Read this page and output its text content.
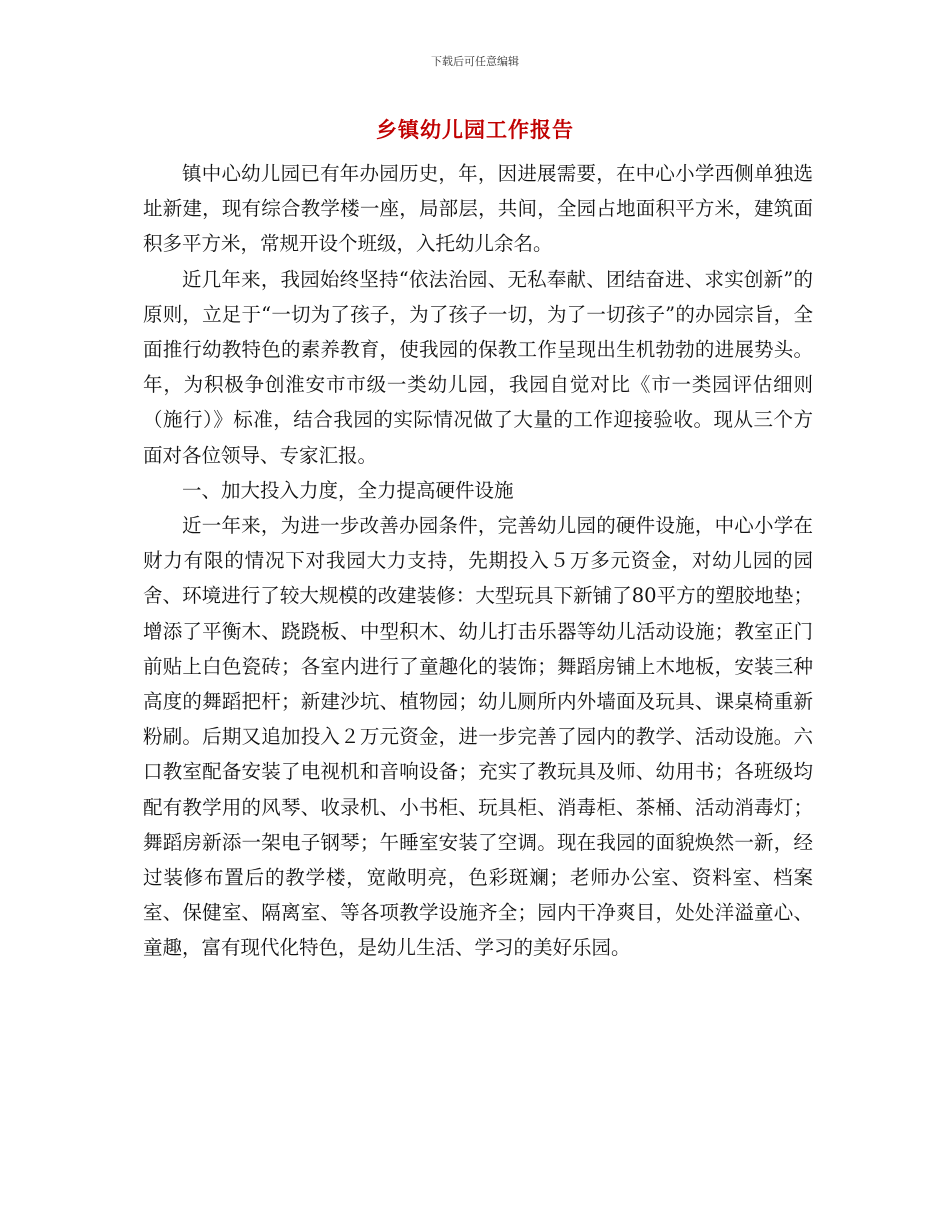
下载后可任意编辑
乡镇幼儿园工作报告

镇中心幼儿园已有年办园历史，年，因进展需要，在中心小学西侧单独选址新建，现有综合教学楼一座，局部层，共间，全园占地面积平方米，建筑面积多平方米，常规开设个班级，入托幼儿余名。

近几年来，我园始终坚持“依法治园、无私奉献、团结奋进、求实创新”的原则，立足于“一切为了孩子，为了孩子一切，为了一切孩子”的办园宗旨，全面推行幼教特色的素养教育，使我园的保教工作呈现出生机勃勃的进展势头。年，为积极争创淮安市市级一类幼儿园，我园自觉对比《市一类园评估细则（施行）》标准，结合我园的实际情况做了大量的工作迎接验收。现从三个方面对各位领导、专家汇报。

一、加大投入力度，全力提高硬件设施

近一年来，为进一步改善办园条件，完善幼儿园的硬件设施，中心小学在财力有限的情况下对我园大力支持，先期投入５万多元资金，对幼儿园的园舍、环境进行了较大规模的改建装修：大型玩具下新铺了80平方的塑胶地垫；增添了平衡木、跷跷板、中型积木、幼儿打击乐器等幼儿活动设施；教室正门前贴上白色瓷砖；各室内进行了童趣化的装饰；舞蹈房铺上木地板，安装三种高度的舞蹈把杆；新建沙坑、植物园；幼儿厕所内外墙面及玩具、课桌椅重新粉刷。后期又追加投入２万元资金，进一步完善了园内的教学、活动设施。六口教室配备安装了电视机和音响设备；充实了教玩具及师、幼用书；各班级均配有教学用的风琴、收录机、小书柜、玩具柜、消毒柜、茶桶、活动消毒灯；舞蹈房新添一架电子钢琴；午睡室安装了空调。现在我园的面貌焕然一新，经过装修布置后的教学楼，宽敞明亮，色彩斑斓；老师办公室、资料室、档案室、保健室、隔离室、等各项教学设施齐全；园内干净爽目，处处洋溢童心、童趣，富有现代化特色，是幼儿生活、学习的美好乐园。
